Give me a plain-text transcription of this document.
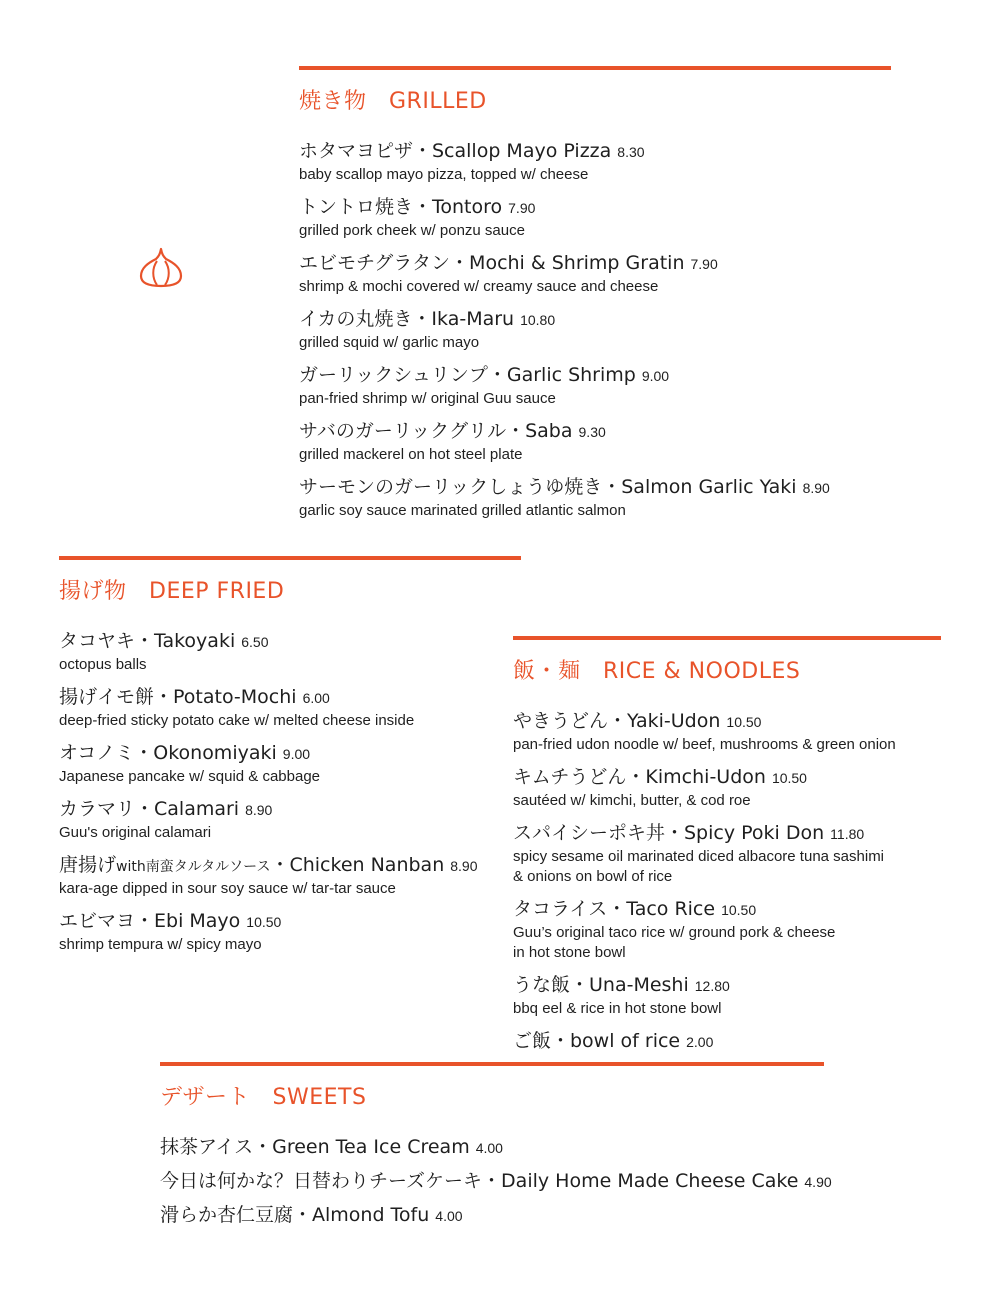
焼き物　GRILLED
ホタマヨピザ・Scallop Mayo Pizza 8.30
baby scallop mayo pizza, topped w/ cheese
トントロ焼き・Tontoro 7.90
grilled pork cheek w/ ponzu sauce
エビモチグラタン・Mochi & Shrimp Gratin 7.90
shrimp & mochi covered w/ creamy sauce and cheese
イカの丸焼き・Ika-Maru 10.80
grilled squid w/ garlic mayo
ガーリックシュリンプ・Garlic Shrimp 9.00
pan-fried shrimp w/ original Guu sauce
サバのガーリックグリル・Saba 9.30
grilled mackerel on hot steel plate
サーモンのガーリックしょうゆ焼き・Salmon Garlic Yaki 8.90
garlic soy sauce marinated grilled atlantic salmon
揚げ物　DEEP FRIED
タコヤキ・Takoyaki 6.50
octopus balls
揚げイモ餅・Potato-Mochi 6.00
deep-fried sticky potato cake w/ melted cheese inside
オコノミ・Okonomiyaki 9.00
Japanese pancake w/ squid & cabbage
カラマリ・Calamari 8.90
Guu's original calamari
唐揚げwith南蛮タルタルソース・Chicken Nanban 8.90
kara-age dipped in sour soy sauce w/ tar-tar sauce
エビマヨ・Ebi Mayo 10.50
shrimp tempura w/ spicy mayo
飯・麺　RICE & NOODLES
やきうどん・Yaki-Udon 10.50
pan-fried udon noodle w/ beef, mushrooms & green onion
キムチうどん・Kimchi-Udon 10.50
sautéed w/ kimchi, butter, & cod roe
スパイシーポキ丼・Spicy Poki Don 11.80
spicy sesame oil marinated diced albacore tuna sashimi
& onions on bowl of rice
タコライス・Taco Rice 10.50
Guu’s original taco rice w/ ground pork & cheese
in hot stone bowl
うな飯・Una-Meshi 12.80
bbq eel & rice in hot stone bowl
ご飯・bowl of rice 2.00
デザート　SWEETS
抹茶アイス・Green Tea Ice Cream 4.00
今日は何かな？日替わりチーズケーキ・Daily Home Made Cheese Cake 4.90
滑らか杏仁豆腐・Almond Tofu 4.00
